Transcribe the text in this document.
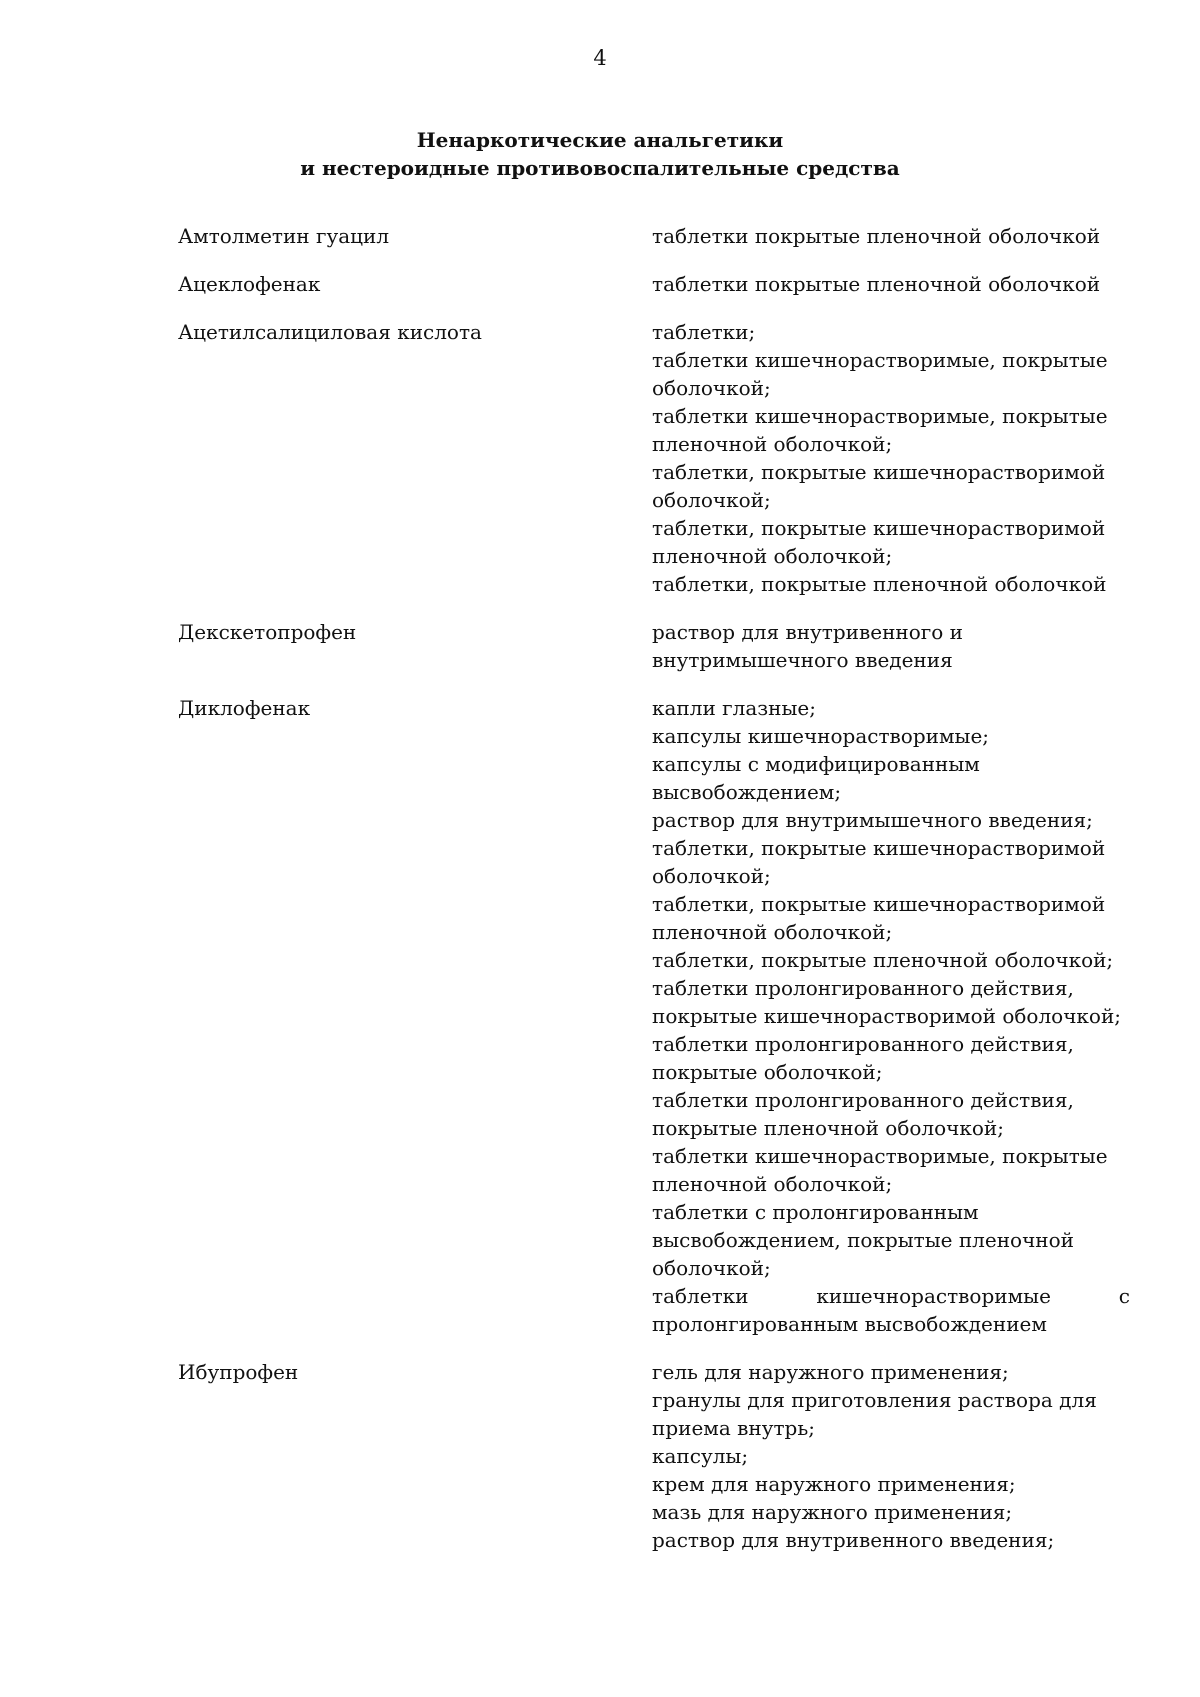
4
Ненаркотические анальгетики
и нестероидные противовоспалительные средства
Амтолметин гуацил	таблетки покрытые пленочной оболочкой
Ацеклофенак	таблетки покрытые пленочной оболочкой
Ацетилсалициловая кислота	таблетки;
таблетки кишечнорастворимые, покрытые
оболочкой;
таблетки кишечнорастворимые, покрытые
пленочной оболочкой;
таблетки, покрытые кишечнорастворимой
оболочкой;
таблетки, покрытые кишечнорастворимой
пленочной оболочкой;
таблетки, покрытые пленочной оболочкой
Декскетопрофен	раствор для внутривенного и
внутримышечного введения
Диклофенак	капли глазные;
капсулы кишечнорастворимые;
капсулы с модифицированным
высвобождением;
раствор для внутримышечного введения;
таблетки, покрытые кишечнорастворимой
оболочкой;
таблетки, покрытые кишечнорастворимой
пленочной оболочкой;
таблетки, покрытые пленочной оболочкой;
таблетки пролонгированного действия,
покрытые кишечнорастворимой оболочкой;
таблетки пролонгированного действия,
покрытые оболочкой;
таблетки пролонгированного действия,
покрытые пленочной оболочкой;
таблетки кишечнорастворимые, покрытые
пленочной оболочкой;
таблетки с пролонгированным
высвобождением, покрытые пленочной
оболочкой;
таблетки	кишечнорастворимые	с
пролонгированным высвобождением
Ибупрофен	гель для наружного применения;
гранулы для приготовления раствора для
приема внутрь;
капсулы;
крем для наружного применения;
мазь для наружного применения;
раствор для внутривенного введения;
